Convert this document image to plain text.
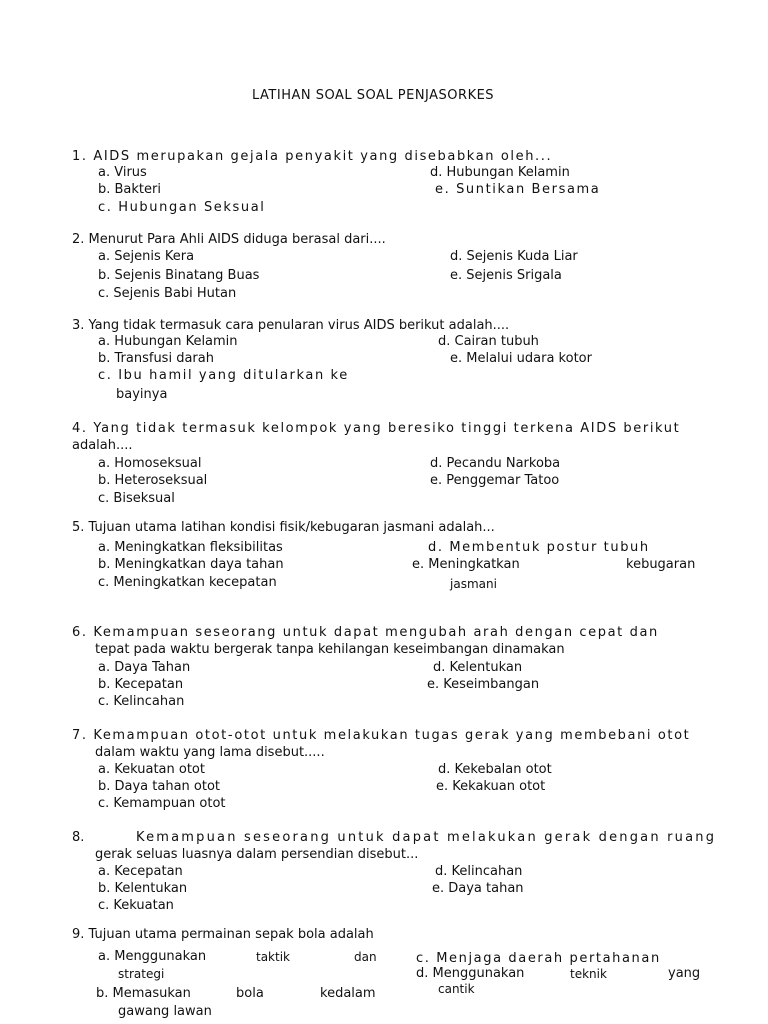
LATIHAN SOAL SOAL PENJASORKES
1. AIDS merupakan gejala penyakit yang disebabkan oleh...
a. Virus
b. Bakteri
c. Hubungan Seksual
d. Hubungan Kelamin
e. Suntikan Bersama
2. Menurut Para Ahli AIDS diduga berasal dari....
a. Sejenis Kera
b. Sejenis Binatang Buas
c. Sejenis Babi Hutan
d. Sejenis Kuda Liar
e. Sejenis Srigala
3. Yang tidak termasuk cara penularan virus AIDS berikut adalah....
a. Hubungan Kelamin
b. Transfusi darah
c. Ibu hamil yang ditularkan ke
bayinya
d. Cairan tubuh
e. Melalui udara kotor
4. Yang tidak termasuk kelompok yang beresiko tinggi terkena AIDS berikut
adalah....
a. Homoseksual
b. Heteroseksual
c. Biseksual
d. Pecandu Narkoba
e. Penggemar Tatoo
5. Tujuan utama latihan kondisi fisik/kebugaran jasmani adalah...
a. Meningkatkan fleksibilitas
b. Meningkatkan daya tahan
c. Meningkatkan kecepatan
d. Membentuk postur tubuh
e. Meningkatkan	kebugaran
jasmani
6. Kemampuan seseorang untuk dapat mengubah arah dengan cepat dan
tepat pada waktu bergerak tanpa kehilangan keseimbangan dinamakan
a. Daya Tahan
b. Kecepatan
c. Kelincahan
d. Kelentukan
e. Keseimbangan
7. Kemampuan otot-otot untuk melakukan tugas gerak yang membebani otot
dalam waktu yang lama disebut.....
a. Kekuatan otot
b. Daya tahan otot
c. Kemampuan otot
d. Kekebalan otot
e. Kekakuan otot
8.	Kemampuan seseorang untuk dapat melakukan gerak dengan ruang
gerak seluas luasnya dalam persendian disebut...
a. Kecepatan
b. Kelentukan
c. Kekuatan
d. Kelincahan
e. Daya tahan
9. Tujuan utama permainan sepak bola adalah
a. Menggunakan	taktik	dan
strategi
b. Memasukan	bola	kedalam
gawang lawan
c. Menjaga daerah pertahanan
d. Menggunakan	teknik	yang
cantik
